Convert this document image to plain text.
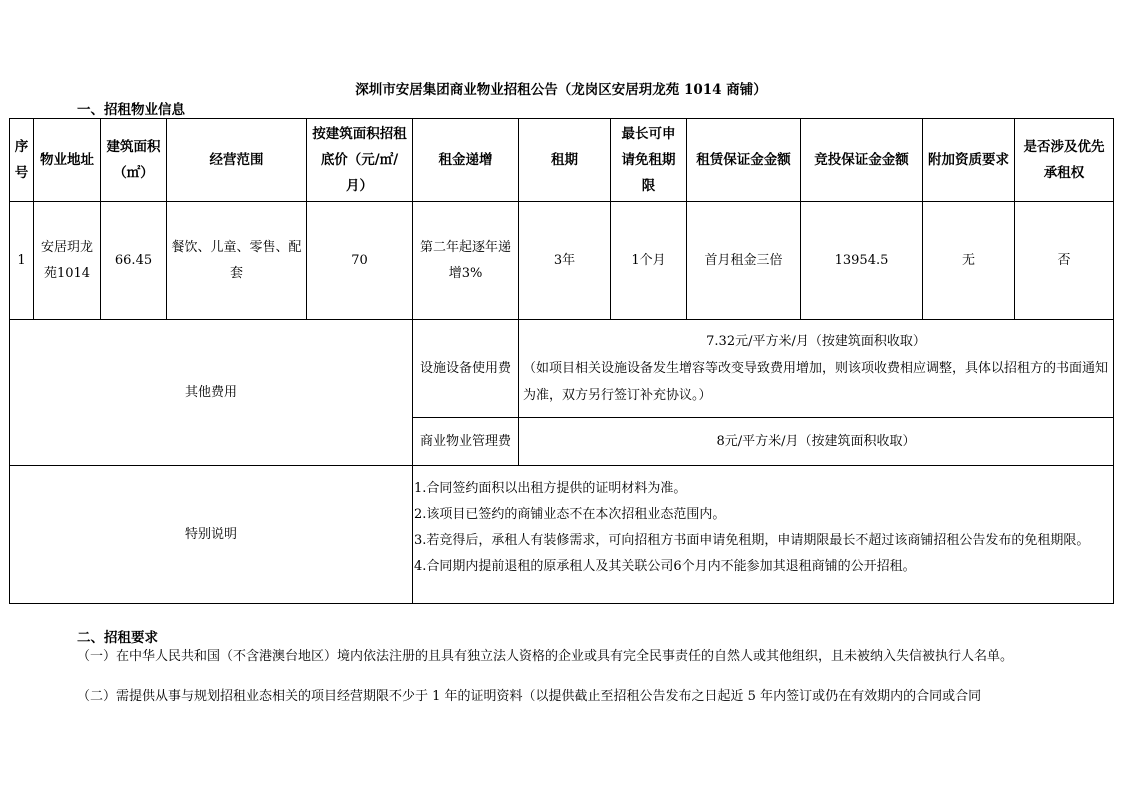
深圳市安居集团商业物业招租公告（龙岗区安居玥龙苑 1014 商铺）
一、招租物业信息
序号	物业地址	建筑面积（㎡）	经营范围	按建筑面积招租底价（元/㎡/月）	租金递增	租期	最长可申请免租期限	租赁保证金金额	竞投保证金金额	附加资质要求	是否涉及优先承租权
1	安居玥龙苑1014	66.45	餐饮、儿童、零售、配套	70	第二年起逐年递增3%	3年	1个月	首月租金三倍	13954.5	无	否
其他费用					设施设备使用费	7.32元/平方米/月（按建筑面积收取）
（如项目相关设施设备发生增容等改变导致费用增加，则该项收费相应调整，具体以招租方的书面通知为准，双方另行签订补充协议。）					

					商业物业管理费	8元/平方米/月（按建筑面积收取）					
特别说明					1.合同签约面积以出租方提供的证明材料为准。
2.该项目已签约的商铺业态不在本次招租业态范围内。
3.若竞得后，承租人有装修需求，可向招租方书面申请免租期，申请期限最长不超过该商铺招租公告发布的免租期限。
4.合同期内提前退租的原承租人及其关联公司6个月内不能参加其退租商铺的公开招租。						
二、招租要求
（一）在中华人民共和国（不含港澳台地区）境内依法注册的且具有独立法人资格的企业或具有完全民事责任的自然人或其他组织，且未被纳入失信被执行人名单。
（二）需提供从事与规划招租业态相关的项目经营期限不少于 1 年的证明资料（以提供截止至招租公告发布之日起近 5 年内签订或仍在有效期内的合同或合同
